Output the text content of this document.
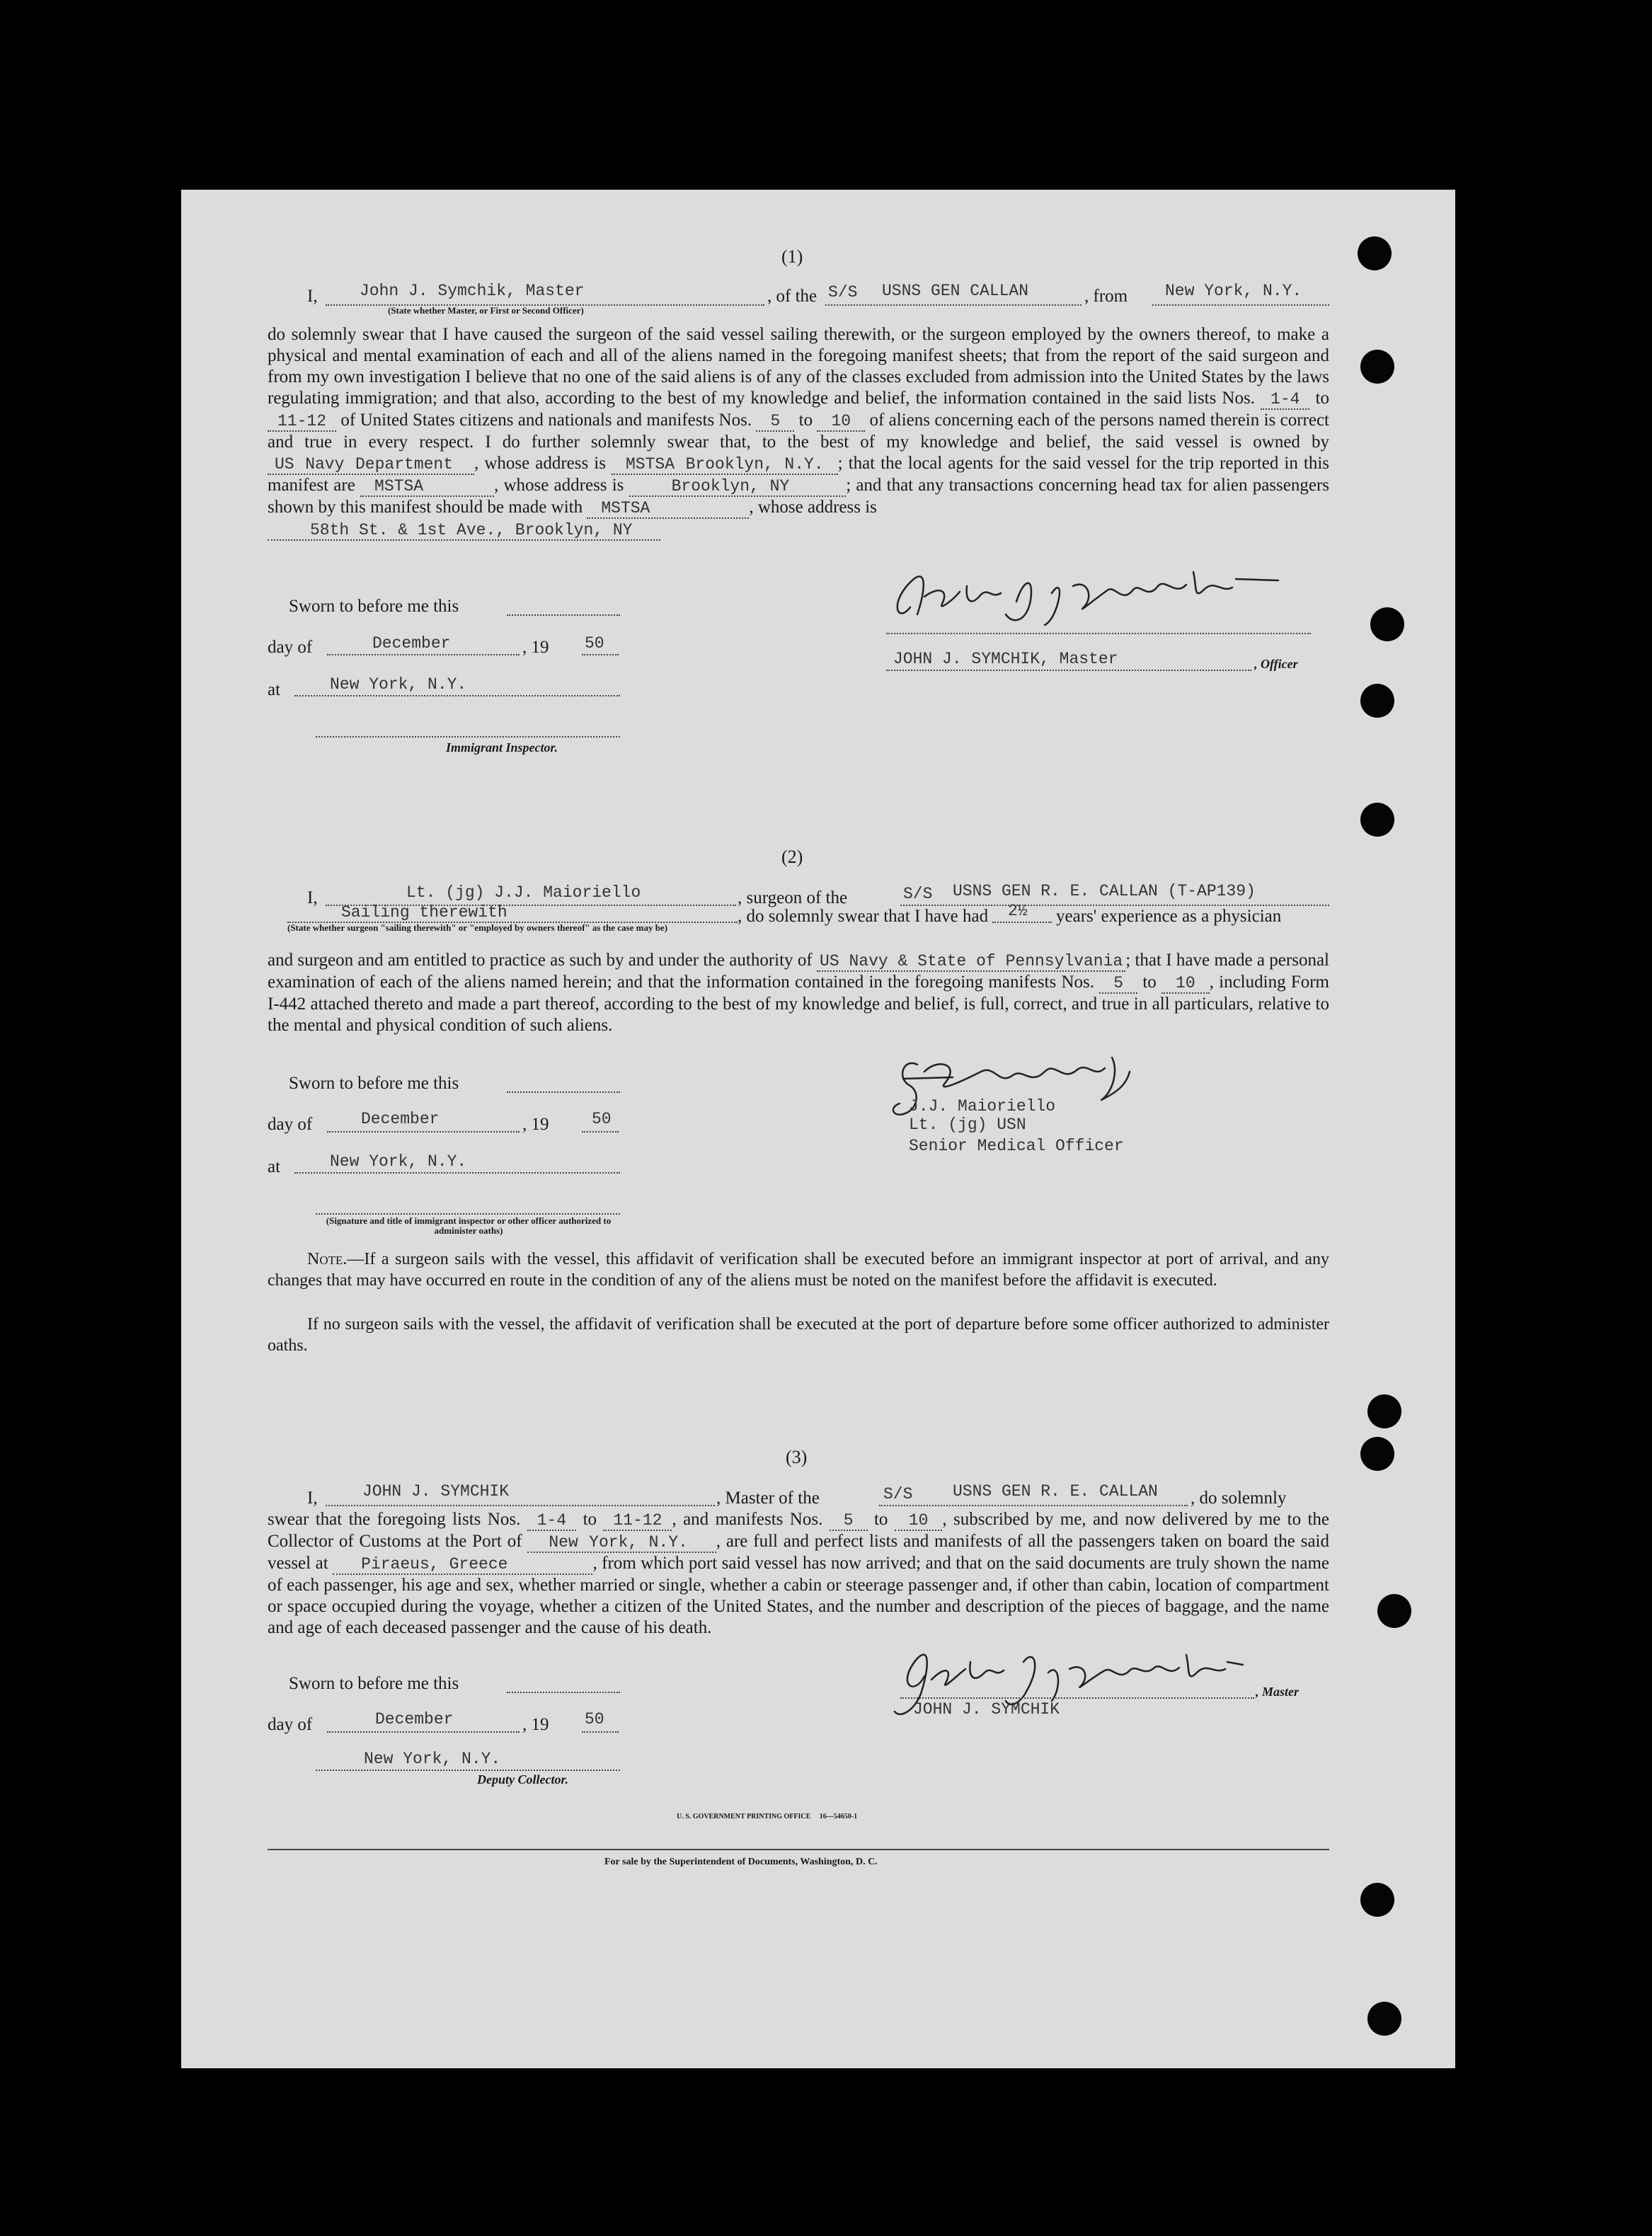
(1)
I,	John J. Symchik, Master
(State whether Master, or First or Second Officer)
, of the S/S USNS GEN CALLAN	, from New York, N.Y.
do solemnly swear that I have caused the surgeon of the said vessel sailing therewith, or the surgeon employed by the owners thereof, to make a physical and mental examination of each and all of the aliens named in the foregoing manifest sheets; that from the report of the said surgeon and from my own investigation I believe that no one of the said aliens is of any of the classes excluded from admission into the United States by the laws regulating immigration; and that also, according to the best of my knowledge and belief, the information contained in the said lists Nos. 1-4 to 11-12 of United States citizens and nationals and manifests Nos. 5 to 10 of aliens concerning each of the persons named therein is correct and true in every respect. I do further solemnly swear that, to the best of my knowledge and belief, the said vessel is owned by US Navy Department , whose address is MSTSA Brooklyn, N.Y. ; that the local agents for the said vessel for the trip reported in this manifest are MSTSA	, whose address is	Brooklyn, NY	; and that any transactions concerning head tax for alien passengers shown by this manifest should be made with MSTSA	, whose address is
58th St. & 1st Ave., Brooklyn, NY
Sworn to before me this
day of	December	, 19 50
at	New York, N.Y.
Immigrant Inspector.
JOHN J. SYMCHIK, Master	, Officer
(2)
I,	Lt. (jg) J.J. Maioriello	, surgeon of the	S/S USNS GEN R. E. CALLAN (T-AP139)
Sailing therewith
(State whether surgeon "sailing therewith" or "employed by owners thereof" as the case may be)
, do solemnly swear that I have had 2½ years' experience as a physician
and surgeon and am entitled to practice as such by and under the authority of US Navy & State of Pennsylvania ; that I have made a personal examination of each of the aliens named herein; and that the information contained in the foregoing manifests Nos. 5 to 10 , including Form I-442 attached thereto and made a part thereof, according to the best of my knowledge and belief, is full, correct, and true in all particulars, relative to the mental and physical condition of such aliens.
Sworn to before me this
day of	December	, 19	50
at	New York, N.Y.
(Signature and title of immigrant inspector or other officer authorized to administer oaths)
J.J. Maioriello
Lt. (jg) USN
Senior Medical Officer
Note.—If a surgeon sails with the vessel, this affidavit of verification shall be executed before an immigrant inspector at port of arrival, and any changes that may have occurred en route in the condition of any of the aliens must be noted on the manifest before the affidavit is executed.
If no surgeon sails with the vessel, the affidavit of verification shall be executed at the port of departure before some officer authorized to administer oaths.
(3)
I,	JOHN J. SYMCHIK	, Master of the	S/S USNS GEN R. E. CALLAN , do solemnly
swear that the foregoing lists Nos. 1-4 to 11-12 , and manifests Nos. 5 to 10 , subscribed by me, and now delivered by me to the Collector of Customs at the Port of New York, N.Y. , are full and perfect lists and manifests of all the passengers taken on board the said vessel at Piraeus, Greece	, from which port said vessel has now arrived; and that on the said documents are truly shown the name of each passenger, his age and sex, whether married or single, whether a cabin or steerage passenger and, if other than cabin, location of compartment or space occupied during the voyage, whether a citizen of the United States, and the number and description of the pieces of baggage, and the name and age of each deceased passenger and the cause of his death.
Sworn to before me this
day of	December	, 19 50
New York, N.Y.
Deputy Collector.
JOHN J. SYMCHIK
, Master
U. S. GOVERNMENT PRINTING OFFICE     16—54650-1
For sale by the Superintendent of Documents, Washington, D. C.
